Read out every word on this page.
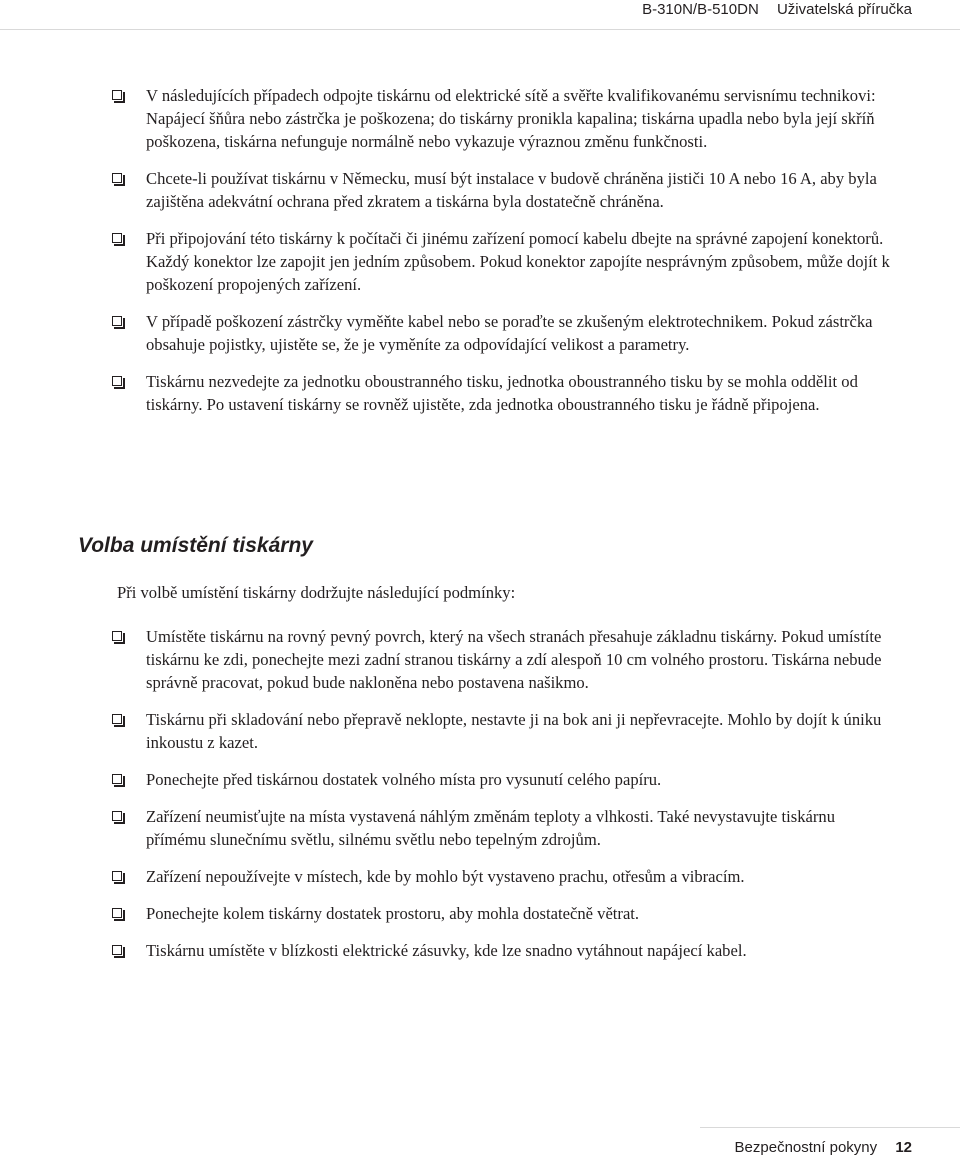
B-310N/B-510DN Uživatelská příručka
V následujících případech odpojte tiskárnu od elektrické sítě a svěřte kvalifikovanému servisnímu technikovi:
Napájecí šňůra nebo zástrčka je poškozena; do tiskárny pronikla kapalina; tiskárna upadla nebo byla její skříň poškozena, tiskárna nefunguje normálně nebo vykazuje výraznou změnu funkčnosti.
Chcete-li používat tiskárnu v Německu, musí být instalace v budově chráněna jističi 10 A nebo 16 A, aby byla zajištěna adekvátní ochrana před zkratem a tiskárna byla dostatečně chráněna.
Při připojování této tiskárny k počítači či jinému zařízení pomocí kabelu dbejte na správné zapojení konektorů. Každý konektor lze zapojit jen jedním způsobem. Pokud konektor zapojíte nesprávným způsobem, může dojít k poškození propojených zařízení.
V případě poškození zástrčky vyměňte kabel nebo se poraďte se zkušeným elektrotechnikem. Pokud zástrčka obsahuje pojistky, ujistěte se, že je vyměníte za odpovídající velikost a parametry.
Tiskárnu nezvedejte za jednotku oboustranného tisku, jednotka oboustranného tisku by se mohla oddělit od tiskárny. Po ustavení tiskárny se rovněž ujistěte, zda jednotka oboustranného tisku je řádně připojena.
Volba umístění tiskárny

Při volbě umístění tiskárny dodržujte následující podmínky:

Umístěte tiskárnu na rovný pevný povrch, který na všech stranách přesahuje základnu tiskárny. Pokud umístíte tiskárnu ke zdi, ponechejte mezi zadní stranou tiskárny a zdí alespoň 10 cm volného prostoru. Tiskárna nebude správně pracovat, pokud bude nakloněna nebo postavena našikmo.
Tiskárnu při skladování nebo přepravě neklopte, nestavte ji na bok ani ji nepřevracejte. Mohlo by dojít k úniku inkoustu z kazet.
Ponechejte před tiskárnou dostatek volného místa pro vysunutí celého papíru.
Zařízení neumisťujte na místa vystavená náhlým změnám teploty a vlhkosti. Také nevystavujte tiskárnu přímému slunečnímu světlu, silnému světlu nebo tepelným zdrojům.
Zařízení nepoužívejte v místech, kde by mohlo být vystaveno prachu, otřesům a vibracím.
Ponechejte kolem tiskárny dostatek prostoru, aby mohla dostatečně větrat.
Tiskárnu umístěte v blízkosti elektrické zásuvky, kde lze snadno vytáhnout napájecí kabel.
Bezpečnostní pokyny 12
